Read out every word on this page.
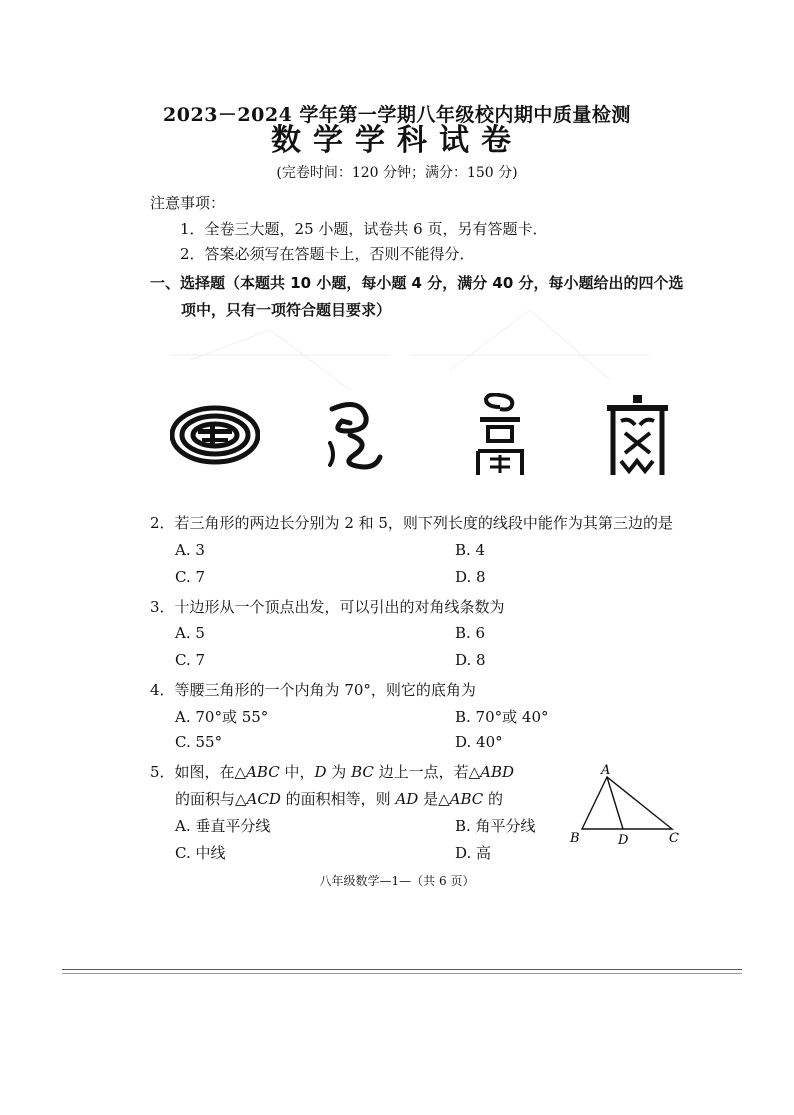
2023－2024 学年第一学期八年级校内期中质量检测
数学学科试卷
(完卷时间：120 分钟；满分：150 分)
注意事项：
1．全卷三大题，25 小题，试卷共 6 页，另有答题卡．
2．答案必须写在答题卡上，否则不能得分．
一、选择题（本题共 10 小题，每小题 4 分，满分 40 分，每小题给出的四个选
项中，只有一项符合题目要求）
2．若三角形的两边长分别为 2 和 5，则下列长度的线段中能作为其第三边的是
A. 3	B. 4
C. 7	D. 8
3．十边形从一个顶点出发，可以引出的对角线条数为
A. 5	B. 6
C. 7	D. 8
4．等腰三角形的一个内角为 70°，则它的底角为
A. 70°或 55°	B. 70°或 40°
C. 55°	D. 40°
5．如图，在△ABC 中，D 为 BC 边上一点，若△ABD
的面积与△ACD 的面积相等，则 AD 是△ABC 的
A. 垂直平分线	B. 角平分线
C. 中线	D. 高
A
B	D	C
八年级数学—1—（共 6 页）
